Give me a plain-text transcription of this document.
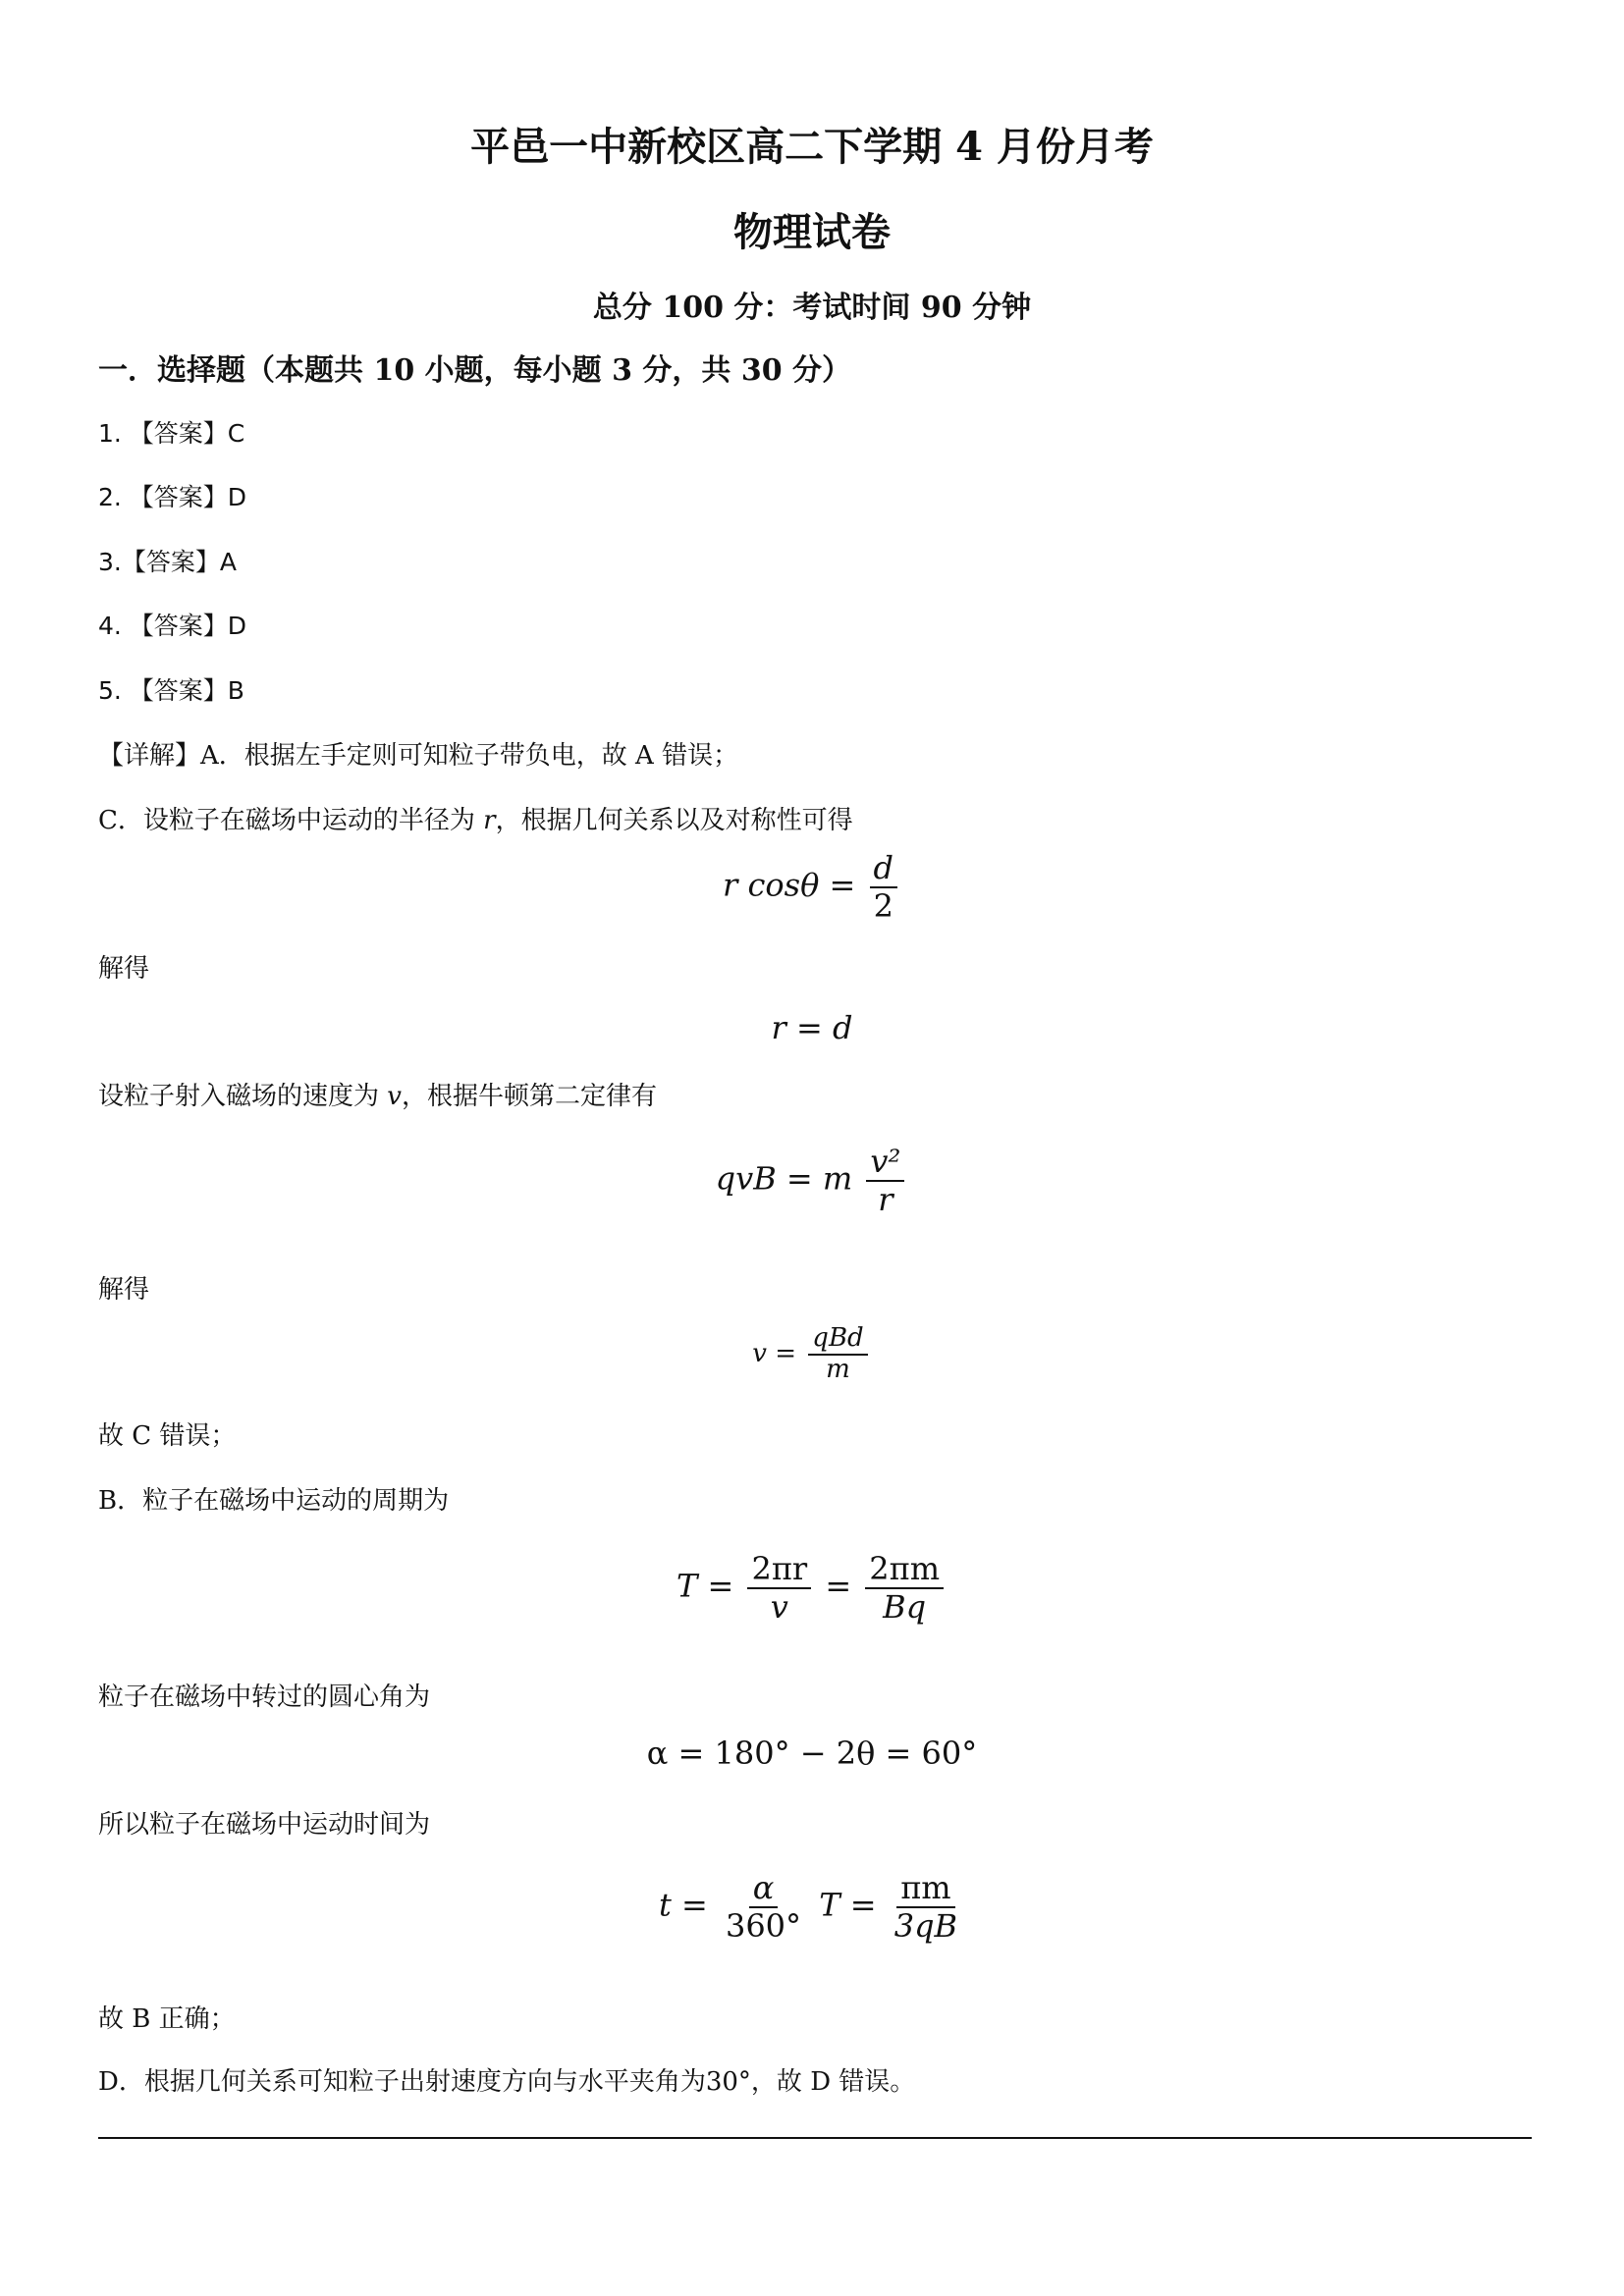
平邑一中新校区高二下学期 4 月份月考
物理试卷
总分 100 分：考试时间 90 分钟
一．选择题（本题共 10 小题，每小题 3 分，共 30 分）
1. 【答案】C
2. 【答案】D
3.【答案】A
4. 【答案】D
5. 【答案】B
【详解】A．根据左手定则可知粒子带负电，故 A 错误；
C．设粒子在磁场中运动的半径为 r，根据几何关系以及对称性可得
r $\cos\theta = \frac{d}{2}$
解得
r = d
设粒子射入磁场的速度为 v，根据牛顿第二定律有
qvB = m $\frac{\text{v²}}{r}$
解得
$v = \frac{\text{qBd}}{m}$
故 C 错误；
B．粒子在磁场中运动的周期为
$T = \frac{2\pi r}{v} = \frac{2\pi m}{Bq}$
粒子在磁场中转过的圆心角为
α = 180° − 2θ = 60°
所以粒子在磁场中运动时间为
$t = \frac{\alpha}{360^\circ}$ $T = \frac{\pi m}{3qB}$
故 B 正确；
D．根据几何关系可知粒子出射速度方向与水平夹角为30°，故 D 错误。
